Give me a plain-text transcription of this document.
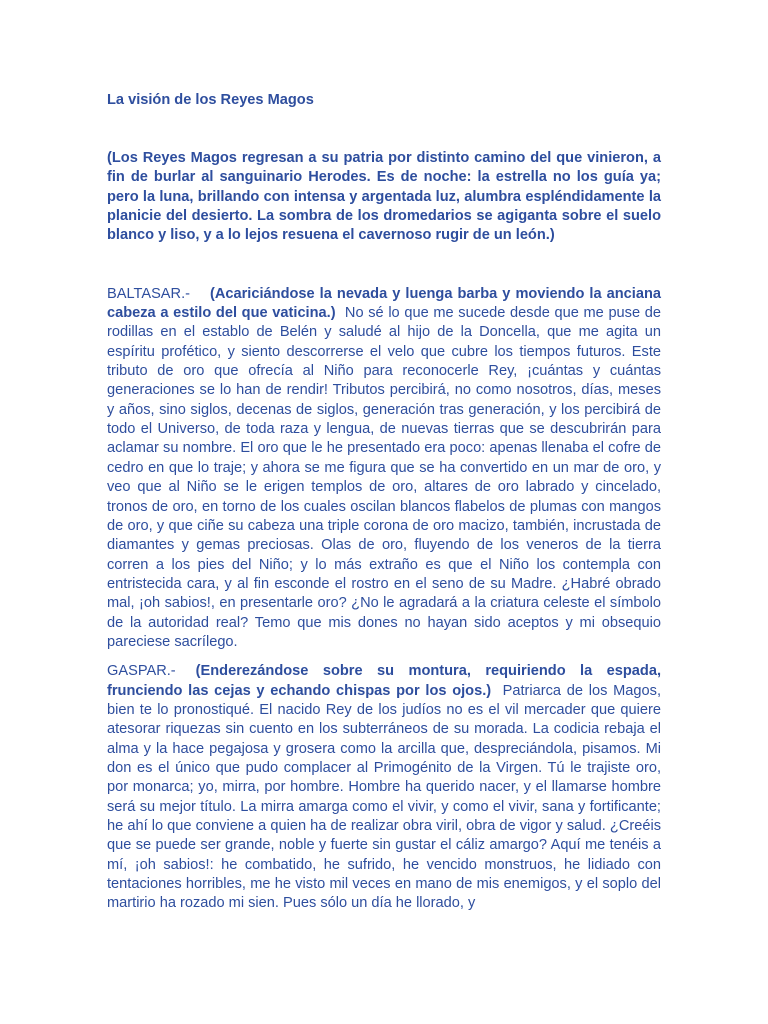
La visión de los Reyes Magos

(Los Reyes Magos regresan a su patria por distinto camino del que vinieron, a fin de burlar al sanguinario Herodes. Es de noche: la estrella no los guía ya; pero la luna, brillando con intensa y argentada luz, alumbra espléndidamente la planicie del desierto. La sombra de los dromedarios se agiganta sobre el suelo blanco y liso, y a lo lejos resuena el cavernoso rugir de un león.)

BALTASAR.- (Acariciándose la nevada y luenga barba y moviendo la anciana cabeza a estilo del que vaticina.) No sé lo que me sucede desde que me puse de rodillas en el establo de Belén y saludé al hijo de la Doncella, que me agita un espíritu profético, y siento descorrerse el velo que cubre los tiempos futuros. Este tributo de oro que ofrecía al Niño para reconocerle Rey, ¡cuántas y cuántas generaciones se lo han de rendir! Tributos percibirá, no como nosotros, días, meses y años, sino siglos, decenas de siglos, generación tras generación, y los percibirá de todo el Universo, de toda raza y lengua, de nuevas tierras que se descubrirán para aclamar su nombre. El oro que le he presentado era poco: apenas llenaba el cofre de cedro en que lo traje; y ahora se me figura que se ha convertido en un mar de oro, y veo que al Niño se le erigen templos de oro, altares de oro labrado y cincelado, tronos de oro, en torno de los cuales oscilan blancos flabelos de plumas con mangos de oro, y que ciñe su cabeza una triple corona de oro macizo, también, incrustada de diamantes y gemas preciosas. Olas de oro, fluyendo de los veneros de la tierra corren a los pies del Niño; y lo más extraño es que el Niño los contempla con entristecida cara, y al fin esconde el rostro en el seno de su Madre. ¿Habré obrado mal, ¡oh sabios!, en presentarle oro? ¿No le agradará a la criatura celeste el símbolo de la autoridad real? Temo que mis dones no hayan sido aceptos y mi obsequio pareciese sacrílego.

GASPAR.- (Enderezándose sobre su montura, requiriendo la espada, frunciendo las cejas y echando chispas por los ojos.) Patriarca de los Magos, bien te lo pronostiqué. El nacido Rey de los judíos no es el vil mercader que quiere atesorar riquezas sin cuento en los subterráneos de su morada. La codicia rebaja el alma y la hace pegajosa y grosera como la arcilla que, despreciándola, pisamos. Mi don es el único que pudo complacer al Primogénito de la Virgen. Tú le trajiste oro, por monarca; yo, mirra, por hombre. Hombre ha querido nacer, y el llamarse hombre será su mejor título. La mirra amarga como el vivir, y como el vivir, sana y fortificante; he ahí lo que conviene a quien ha de realizar obra viril, obra de vigor y salud. ¿Creéis que se puede ser grande, noble y fuerte sin gustar el cáliz amargo? Aquí me tenéis a mí, ¡oh sabios!: he combatido, he sufrido, he vencido monstruos, he lidiado con tentaciones horribles, me he visto mil veces en mano de mis enemigos, y el soplo del martirio ha rozado mi sien. Pues sólo un día he llorado, y
